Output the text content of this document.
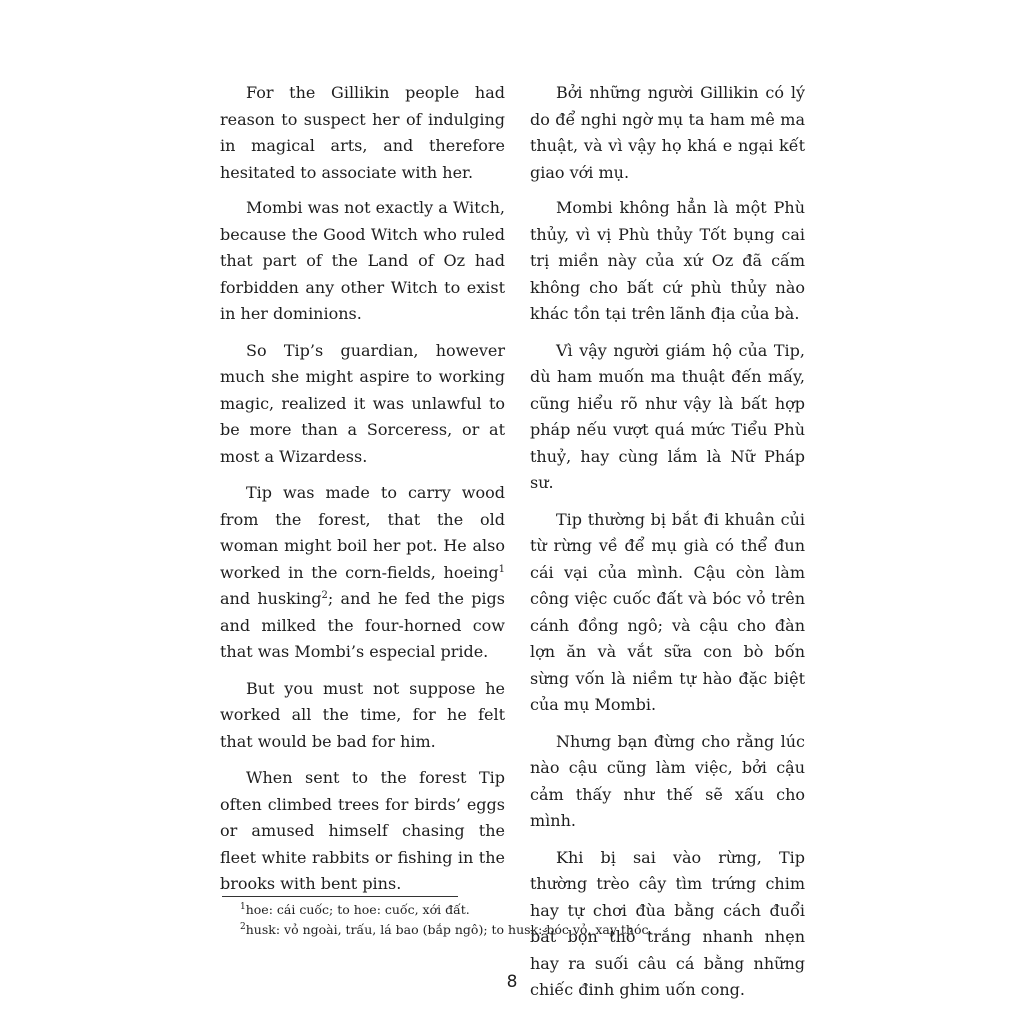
For the Gillikin people had reason to suspect her of indulging in magical arts, and therefore hesitated to associate with her.

Mombi was not exactly a Witch, because the Good Witch who ruled that part of the Land of Oz had forbidden any other Witch to exist in her dominions.

So Tip’s guardian, however much she might aspire to working magic, realized it was unlawful to be more than a Sorceress, or at most a Wizardess.

Tip was made to carry wood from the forest, that the old woman might boil her pot. He also worked in the corn-fields, hoeing$^1$ and husking$^2$; and he fed the pigs and milked the four-horned cow that was Mombi’s especial pride.

But you must not suppose he worked all the time, for he felt that would be bad for him.

When sent to the forest Tip often climbed trees for birds’ eggs or amused himself chasing the fleet white rabbits or fishing in the brooks with bent pins.

Bởi những người Gillikin có lý do để nghi ngờ mụ ta ham mê ma thuật, và vì vậy họ khá e ngại kết giao với mụ.

Mombi không hẳn là một Phù thủy, vì vị Phù thủy Tốt bụng cai trị miền này của xứ Oz đã cấm không cho bất cứ phù thủy nào khác tồn tại trên lãnh địa của bà.

Vì vậy người giám hộ của Tip, dù ham muốn ma thuật đến mấy, cũng hiểu rõ như vậy là bất hợp pháp nếu vượt quá mức Tiểu Phù thuỷ, hay cùng lắm là Nữ Pháp sư.

Tip thường bị bắt đi khuân củi từ rừng về để mụ già có thể đun cái vại của mình. Cậu còn làm công việc cuốc đất và bóc vỏ trên cánh đồng ngô; và cậu cho đàn lợn ăn và vắt sữa con bò bốn sừng vốn là niềm tự hào đặc biệt của mụ Mombi.

Nhưng bạn đừng cho rằng lúc nào cậu cũng làm việc, bởi cậu cảm thấy như thế sẽ xấu cho mình.

Khi bị sai vào rừng, Tip thường trèo cây tìm trứng chim hay tự chơi đùa bằng cách đuổi bắt bọn thỏ trắng nhanh nhẹn hay ra suối câu cá bằng những chiếc đinh ghim uốn cong.

$^1$hoe: cái cuốc; to hoe: cuốc, xới đất.
$^2$husk: vỏ ngoài, trấu, lá bao (bắp ngô); to husk: bóc vỏ, xay thóc.
8
